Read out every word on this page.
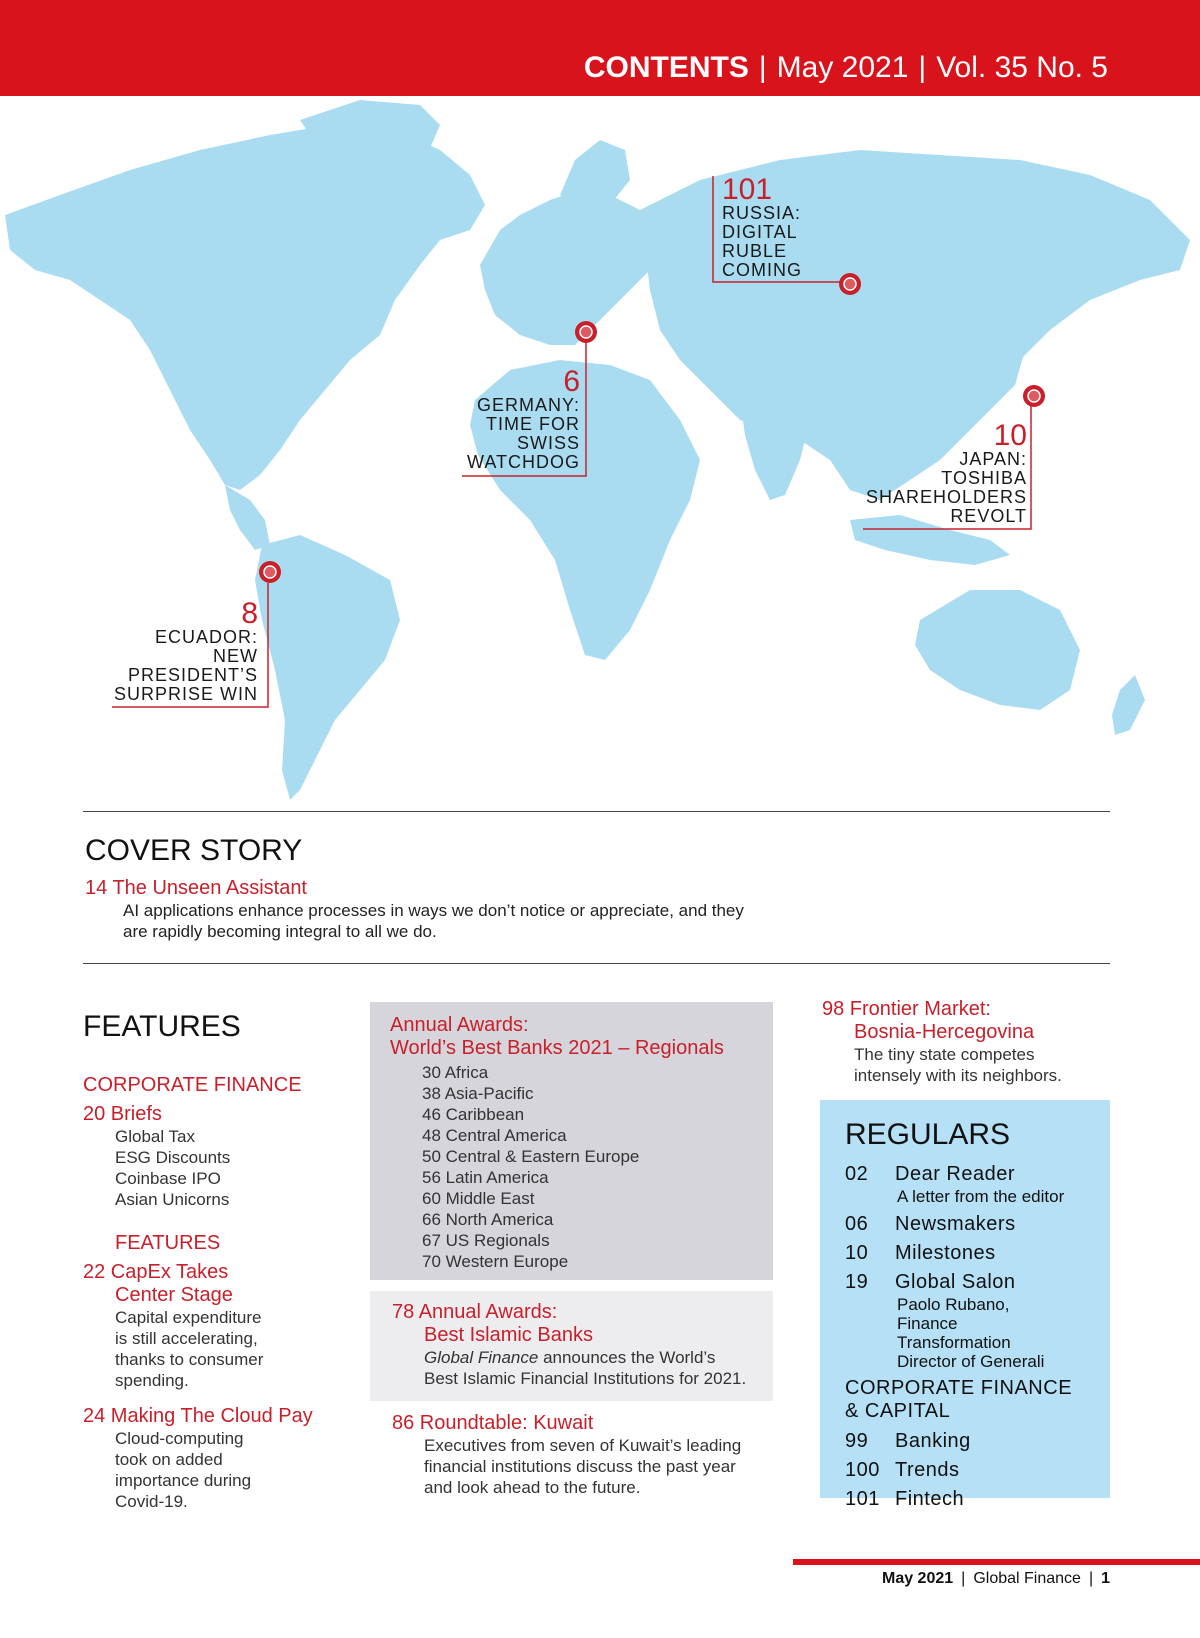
CONTENTS | May 2021 | Vol. 35 No. 5
101
RUSSIA:
DIGITAL
RUBLE
COMING
6
GERMANY:
TIME FOR
SWISS
WATCHDOG
10
JAPAN:
TOSHIBA
SHAREHOLDERS
REVOLT
8
ECUADOR:
NEW
PRESIDENT’S
SURPRISE WIN
COVER STORY
14 The Unseen Assistant
AI applications enhance processes in ways we don’t notice or appreciate, and they are rapidly becoming integral to all we do.
FEATURES
CORPORATE FINANCE
20 Briefs
Global Tax
ESG Discounts
Coinbase IPO
Asian Unicorns
FEATURES
22 CapEx Takes Center Stage
Capital expenditure is still accelerating, thanks to consumer spending.
24 Making The Cloud Pay
Cloud-computing took on added importance during Covid-19.
Annual Awards:
World’s Best Banks 2021 – Regionals
30 Africa
38 Asia-Pacific
46 Caribbean
48 Central America
50 Central & Eastern Europe
56 Latin America
60 Middle East
66 North America
67 US Regionals
70 Western Europe
78 Annual Awards:
Best Islamic Banks
Global Finance announces the World’s Best Islamic Financial Institutions for 2021.
86 Roundtable: Kuwait
Executives from seven of Kuwait’s leading financial institutions discuss the past year and look ahead to the future.
98 Frontier Market:
Bosnia-Hercegovina
The tiny state competes intensely with its neighbors.
REGULARS
02	Dear Reader
A letter from the editor
06	Newsmakers
10	Milestones
19	Global Salon
Paolo Rubano, Finance Transformation Director of Generali
CORPORATE FINANCE & CAPITAL
99	Banking
100 Trends
101 Fintech
May 2021 | Global Finance | 1
